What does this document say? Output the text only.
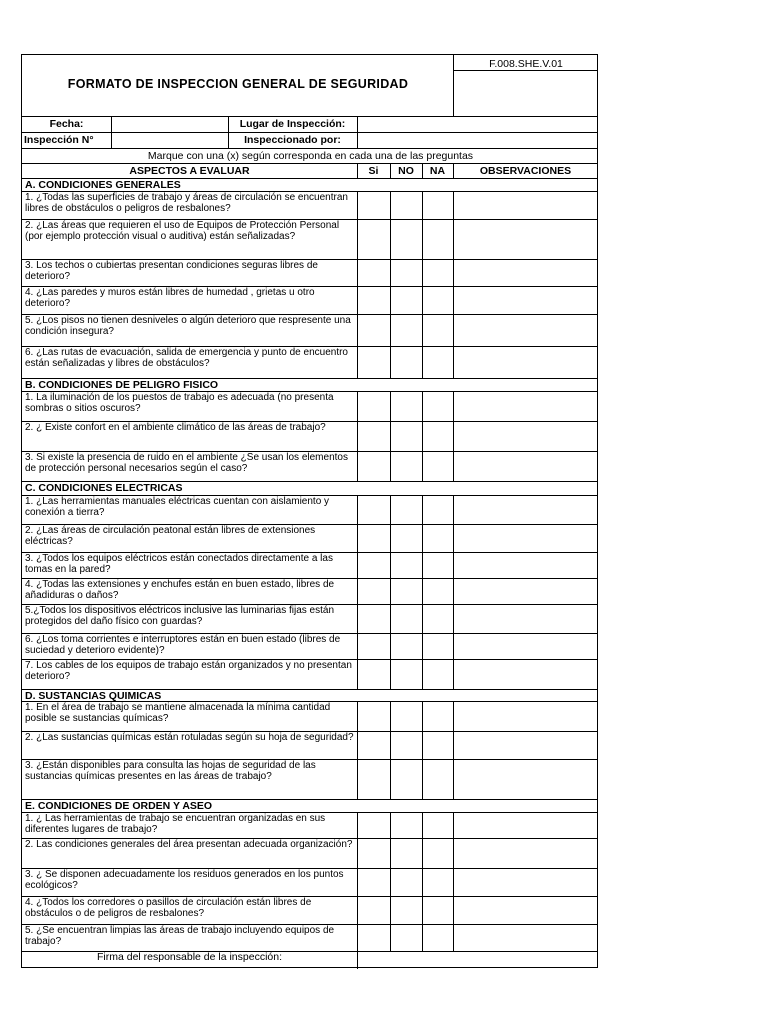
F.008.SHE.V.01
FORMATO DE INSPECCION GENERAL DE SEGURIDAD
Fecha:	Lugar de Inspección:
Inspección N°	Inspeccionado por:
Marque con una (x) según corresponda en cada una de las preguntas
ASPECTOS A EVALUAR	Si	NO	NA	OBSERVACIONES
A. CONDICIONES GENERALES
1. ¿Todas las superficies de trabajo y áreas de circulación se encuentran libres de obstáculos o peligros de resbalones?
2. ¿Las áreas que requieren el uso de Equipos de Protección Personal (por ejemplo protección visual o auditiva) están señalizadas?
3. Los techos o cubiertas presentan condiciones seguras libres de deterioro?
4. ¿Las paredes y muros están libres de humedad , grietas u otro deterioro?
5. ¿Los pisos no tienen desniveles o algún deterioro que respresente una condición insegura?
6. ¿Las rutas de evacuación, salida de emergencia y punto de encuentro están señalizadas y libres de obstáculos?
B. CONDICIONES DE PELIGRO FISICO
1. La iluminación de los puestos de trabajo es adecuada (no presenta sombras o sitios oscuros?
2. ¿ Existe confort en el ambiente climático de las áreas de trabajo?
3. Si existe la presencia de ruido en el ambiente ¿Se usan los elementos de protección personal necesarios según el caso?
C. CONDICIONES ELECTRICAS
1. ¿Las herramientas manuales eléctricas cuentan con aislamiento y conexión a tierra?
2. ¿Las áreas de circulación peatonal están libres de extensiones eléctricas?
3. ¿Todos los equipos eléctricos están conectados directamente a las tomas en la pared?
4. ¿Todas las extensiones y enchufes están en buen estado, libres de añadiduras o daños?
5.¿Todos los dispositivos eléctricos inclusive las luminarias fijas están protegidos del daño físico con guardas?
6. ¿Los toma corrientes e interruptores están en buen estado (libres de suciedad y deterioro evidente)?
7. Los cables de los equipos de trabajo están organizados y no presentan deterioro?
D. SUSTANCIAS QUIMICAS
1. En el área de trabajo se mantiene almacenada la mínima cantidad posible se sustancias químicas?
2. ¿Las sustancias químicas están rotuladas según su hoja de seguridad?
3. ¿Están disponibles para consulta las hojas de seguridad de las sustancias químicas presentes en las áreas de trabajo?
E. CONDICIONES DE ORDEN Y ASEO
1. ¿ Las herramientas de trabajo se encuentran organizadas en sus diferentes lugares de trabajo?
2. Las condiciones generales del área presentan adecuada organización?
3. ¿ Se disponen adecuadamente los residuos generados en los puntos ecológicos?
4. ¿Todos los corredores o pasillos de circulación están libres de obstáculos o de peligros de resbalones?
5. ¿Se encuentran limpias las áreas de trabajo incluyendo equipos de trabajo?
Firma del responsable de la inspección:
